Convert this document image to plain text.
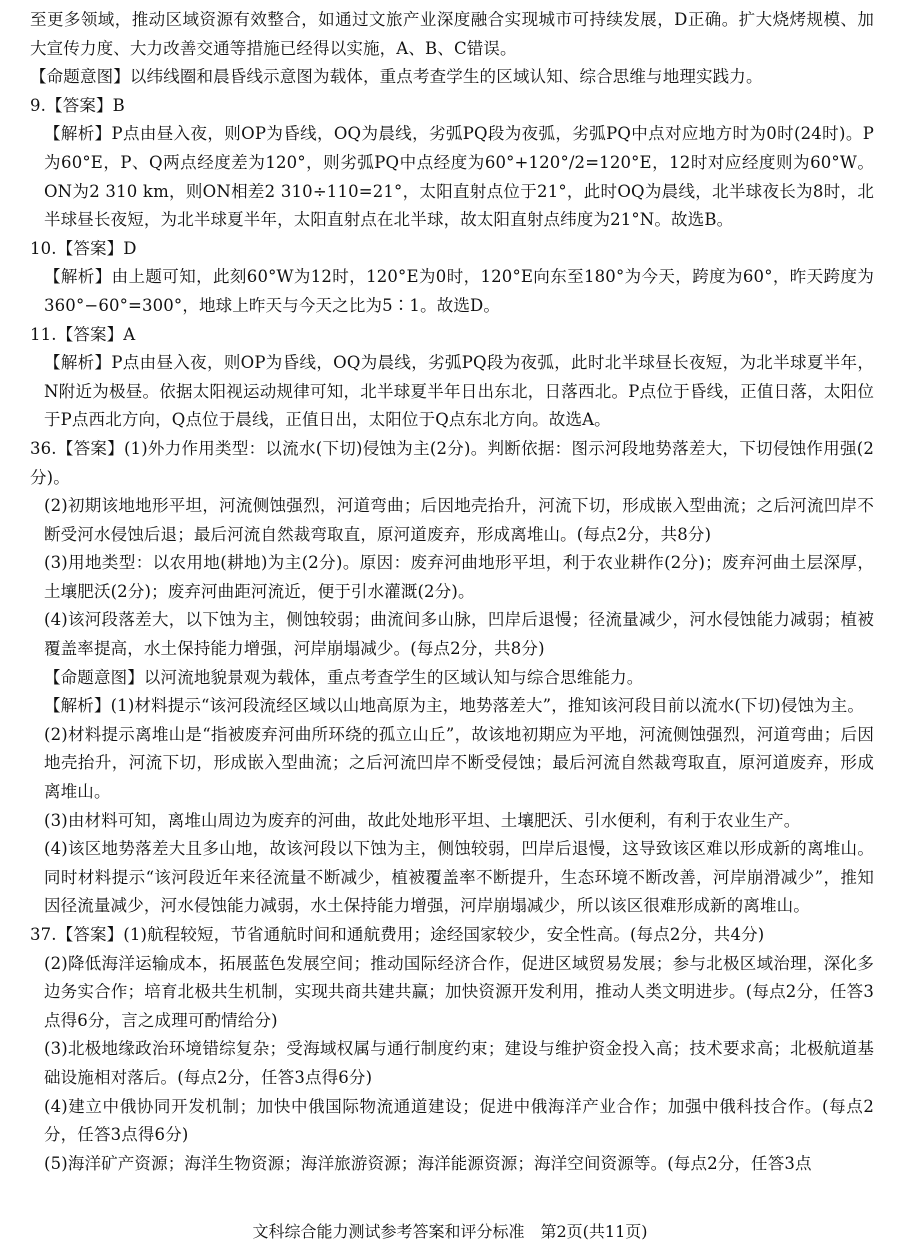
至更多领域，推动区域资源有效整合，如通过文旅产业深度融合实现城市可持续发展，D正确。扩大烧烤规模、加大宣传力度、大力改善交通等措施已经得以实施，A、B、C错误。

【命题意图】以纬线圈和晨昏线示意图为载体，重点考查学生的区域认知、综合思维与地理实践力。

9.【答案】B

【解析】P点由昼入夜，则OP为昏线，OQ为晨线，劣弧PQ段为夜弧，劣弧PQ中点对应地方时为0时(24时)。P为60°E，P、Q两点经度差为120°，则劣弧PQ中点经度为60°+120°/2=120°E，12时对应经度则为60°W。ON为2 310 km，则ON相差2 310÷110=21°，太阳直射点位于21°，此时OQ为晨线，北半球夜长为8时，北半球昼长夜短，为北半球夏半年，太阳直射点在北半球，故太阳直射点纬度为21°N。故选B。

10.【答案】D

【解析】由上题可知，此刻60°W为12时，120°E为0时，120°E向东至180°为今天，跨度为60°，昨天跨度为360°−60°=300°，地球上昨天与今天之比为5∶1。故选D。

11.【答案】A

【解析】P点由昼入夜，则OP为昏线，OQ为晨线，劣弧PQ段为夜弧，此时北半球昼长夜短，为北半球夏半年，N附近为极昼。依据太阳视运动规律可知，北半球夏半年日出东北，日落西北。P点位于昏线，正值日落，太阳位于P点西北方向，Q点位于晨线，正值日出，太阳位于Q点东北方向。故选A。

36.【答案】(1)外力作用类型：以流水(下切)侵蚀为主(2分)。判断依据：图示河段地势落差大，下切侵蚀作用强(2分)。

(2)初期该地地形平坦，河流侧蚀强烈，河道弯曲；后因地壳抬升，河流下切，形成嵌入型曲流；之后河流凹岸不断受河水侵蚀后退；最后河流自然裁弯取直，原河道废弃，形成离堆山。(每点2分，共8分)

(3)用地类型：以农用地(耕地)为主(2分)。原因：废弃河曲地形平坦，利于农业耕作(2分)；废弃河曲土层深厚，土壤肥沃(2分)；废弃河曲距河流近，便于引水灌溉(2分)。

(4)该河段落差大，以下蚀为主，侧蚀较弱；曲流间多山脉，凹岸后退慢；径流量减少，河水侵蚀能力减弱；植被覆盖率提高，水土保持能力增强，河岸崩塌减少。(每点2分，共8分)

【命题意图】以河流地貌景观为载体，重点考查学生的区域认知与综合思维能力。

【解析】(1)材料提示“该河段流经区域以山地高原为主，地势落差大”，推知该河段目前以流水(下切)侵蚀为主。

(2)材料提示离堆山是“指被废弃河曲所环绕的孤立山丘”，故该地初期应为平地，河流侧蚀强烈，河道弯曲；后因地壳抬升，河流下切，形成嵌入型曲流；之后河流凹岸不断受侵蚀；最后河流自然裁弯取直，原河道废弃，形成离堆山。

(3)由材料可知，离堆山周边为废弃的河曲，故此处地形平坦、土壤肥沃、引水便利，有利于农业生产。

(4)该区地势落差大且多山地，故该河段以下蚀为主，侧蚀较弱，凹岸后退慢，这导致该区难以形成新的离堆山。同时材料提示“该河段近年来径流量不断减少，植被覆盖率不断提升，生态环境不断改善，河岸崩滑减少”，推知因径流量减少，河水侵蚀能力减弱，水土保持能力增强，河岸崩塌减少，所以该区很难形成新的离堆山。

37.【答案】(1)航程较短，节省通航时间和通航费用；途经国家较少，安全性高。(每点2分，共4分)

(2)降低海洋运输成本，拓展蓝色发展空间；推动国际经济合作，促进区域贸易发展；参与北极区域治理，深化多边务实合作；培育北极共生机制，实现共商共建共赢；加快资源开发利用，推动人类文明进步。(每点2分，任答3点得6分，言之成理可酌情给分)

(3)北极地缘政治环境错综复杂；受海域权属与通行制度约束；建设与维护资金投入高；技术要求高；北极航道基础设施相对落后。(每点2分，任答3点得6分)

(4)建立中俄协同开发机制；加快中俄国际物流通道建设；促进中俄海洋产业合作；加强中俄科技合作。(每点2分，任答3点得6分)

(5)海洋矿产资源；海洋生物资源；海洋旅游资源；海洋能源资源；海洋空间资源等。(每点2分，任答3点

文科综合能力测试参考答案和评分标准　第2页(共11页)
